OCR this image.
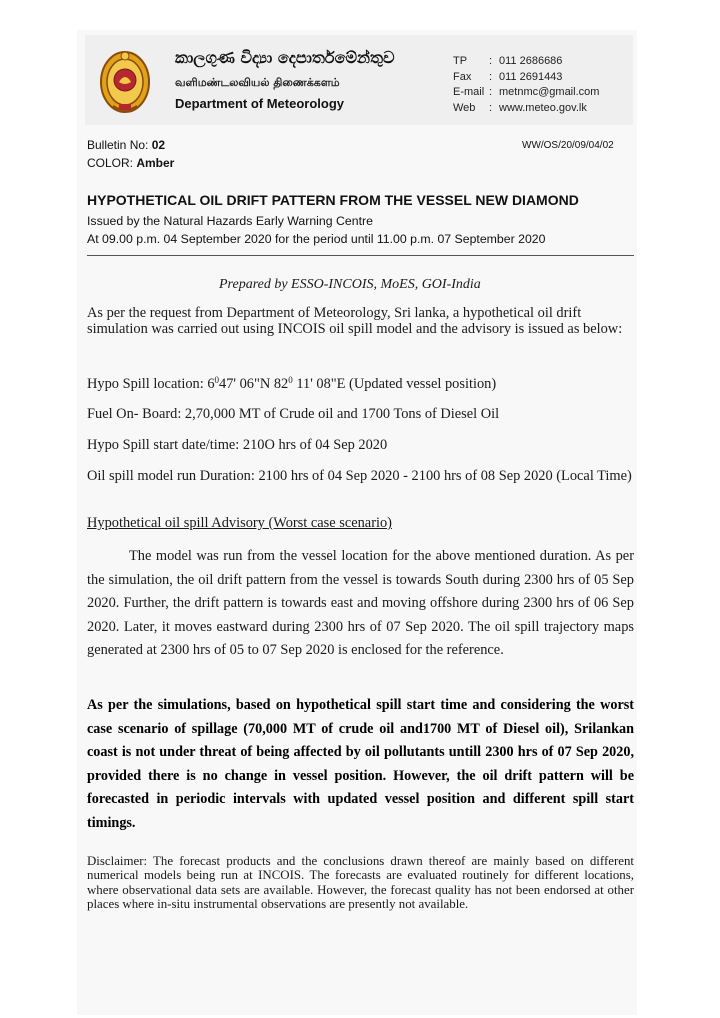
කාලගුණ විද්‍යා දෙපාර්තමේන්තුව
வளிமண்டலவியல் திணைக்களம்
Department of Meteorology
TP : 011 2686686
Fax : 011 2691443
E-mail : metnmc@gmail.com
Web : www.meteo.gov.lk
Bulletin No: 02
COLOR: Amber
WW/OS/20/09/04/02
HYPOTHETICAL OIL DRIFT PATTERN FROM THE VESSEL NEW DIAMOND
Issued by the Natural Hazards Early Warning Centre
At 09.00 p.m. 04 September 2020 for the period until 11.00 p.m. 07 September 2020
Prepared by ESSO-INCOIS, MoES, GOI-India
As per the request from Department of Meteorology, Sri lanka, a hypothetical oil drift simulation was carried out using INCOIS oil spill model and the advisory is issued as below:
Hypo Spill location: $6^047'$ 06"N $82^0$ 11' 08"E (Updated vessel position)
Fuel On- Board: 2,70,000 MT of Crude oil and 1700 Tons of Diesel Oil
Hypo Spill start date/time: 210O hrs of 04 Sep 2020
Oil spill model run Duration: 2100 hrs of 04 Sep 2020 - 2100 hrs of 08 Sep 2020 (Local Time)
Hypothetical oil spill Advisory (Worst case scenario)
The model was run from the vessel location for the above mentioned duration. As per the simulation, the oil drift pattern from the vessel is towards South during 2300 hrs of 05 Sep 2020. Further, the drift pattern is towards east and moving offshore during 2300 hrs of 06 Sep 2020. Later, it moves eastward during 2300 hrs of 07 Sep 2020. The oil spill trajectory maps generated at 2300 hrs of 05 to 07 Sep 2020 is enclosed for the reference.
As per the simulations, based on hypothetical spill start time and considering the worst case scenario of spillage (70,000 MT of crude oil and1700 MT of Diesel oil), Srilankan coast is not under threat of being affected by oil pollutants untill 2300 hrs of 07 Sep 2020, provided there is no change in vessel position. However, the oil drift pattern will be forecasted in periodic intervals with updated vessel position and different spill start timings.
Disclaimer: The forecast products and the conclusions drawn thereof are mainly based on different numerical models being run at INCOIS. The forecasts are evaluated routinely for different locations, where observational data sets are available. However, the forecast quality has not been endorsed at other places where in-situ instrumental observations are presently not available.
